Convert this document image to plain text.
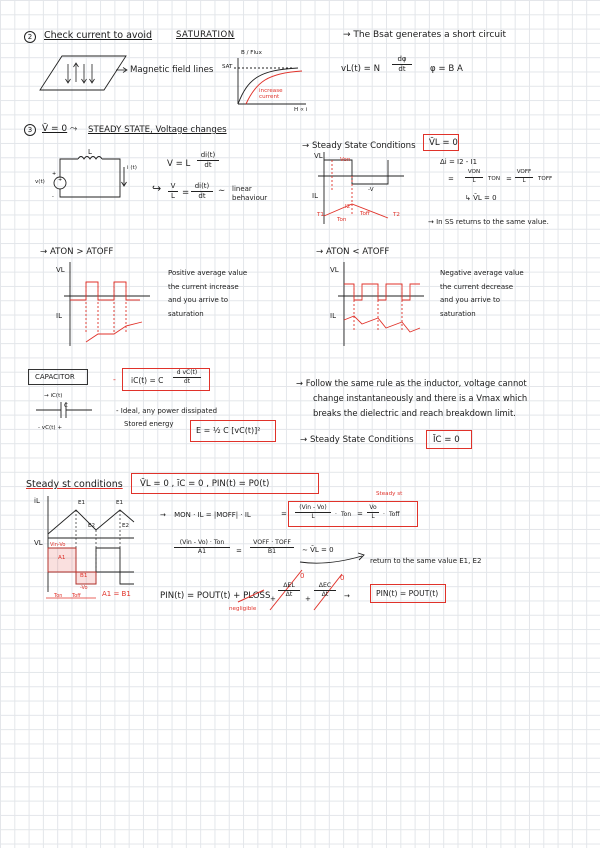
2	Check current to avoid	SATURATION	→ The Bsat generates a short circuit
Magnetic field lines
B / Flux
SAT
H ∝ i
increase current
vL(t) = N $\frac{d\varphi}{dt}$ φ = B A
3	V̄ = 0 ⤳ STEADY STATE, Voltage changes
L
i (t)
v(t)	+
+
-
V = L $\frac{di(t)}{dt}$
↪ $\frac{V}{L} = \frac{di(t)}{dt}$ ∼ linear behaviour
→ Steady State Conditions V̄L = 0
VL
IL
Von
-V
T1	T2
I2
Toff
Ton
Δi = I2 - I1
=
VON
L	TON =
VOFF
L	TOFF
↳ V̄L = 0
→ In SS returns to the same value.
→ ATON > ATOFF
VL
IL
Positive average value
the current increase
and you arrive to
saturation
→ ATON < ATOFF
VL
IL
Negative average value
the current decrease
and you arrive to
saturation
CAPACITOR	- iC(t) = C $\frac{\text{d vC(t)}}{dt}$	→ Follow the same rule as the inductor, voltage cannot
change instantaneously and there is a Vmax which
breaks the dielectric and reach breakdown limit.
→ iC(t)
C
- vC(t) +
- Ideal, any power dissipated
Stored energy
E = ½ C [vC(t)]²
→ Steady State Conditions ĪC = 0
Steady st conditions V̄L = 0 , īC = 0 , PIN(t) = P0(t)
Steady st
iL
VL
E1	E1
E2	E2
Vin-Vo
A1
B1
-Vo
Ton Toff	A1 = B1
→ MON · IL = |MOFF| · IL	=
(Vin - Vo)
L	· Ton = $\frac{Vo}{L}$ · Toff
(Vin - Vo) · Ton
A1	=
VOFF · TOFF
B1	∼ V̄L = 0
return to the same value E1, E2
PIN(t) = POUT(t) + PLOSS
negligible
0	0
+
ΔEL
Δt
+
ΔEC
Δt	→	PIN(t) = POUT(t)
